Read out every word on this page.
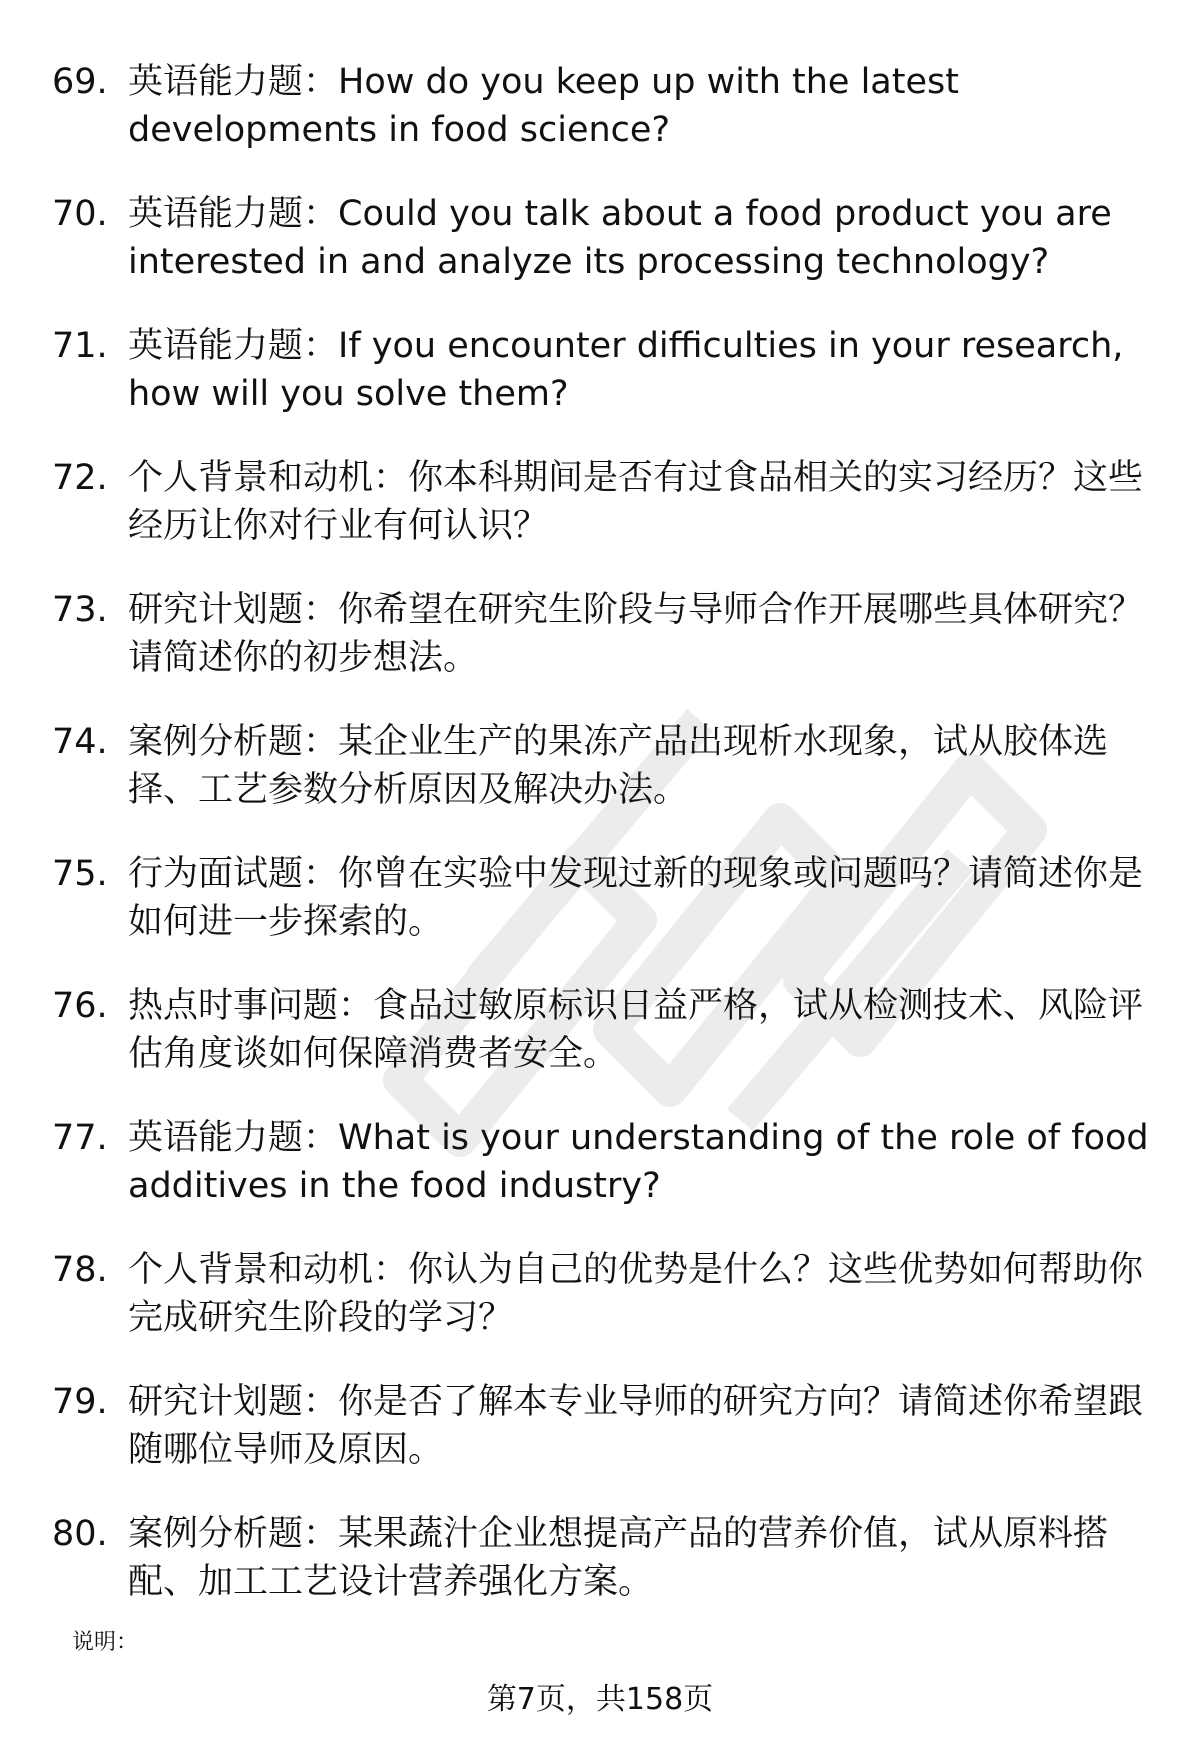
69. 英语能力题：How do you keep up with the latest developments in food science?
70. 英语能力题：Could you talk about a food product you are interested in and analyze its processing technology?
71. 英语能力题：If you encounter difficulties in your research, how will you solve them?
72. 个人背景和动机：你本科期间是否有过食品相关的实习经历？这些经历让你对行业有何认识？
73. 研究计划题：你希望在研究生阶段与导师合作开展哪些具体研究？请简述你的初步想法。
74. 案例分析题：某企业生产的果冻产品出现析水现象，试从胶体选择、工艺参数分析原因及解决办法。
75. 行为面试题：你曾在实验中发现过新的现象或问题吗？请简述你是如何进一步探索的。
76. 热点时事问题：食品过敏原标识日益严格，试从检测技术、风险评估角度谈如何保障消费者安全。
77. 英语能力题：What is your understanding of the role of food additives in the food industry?
78. 个人背景和动机：你认为自己的优势是什么？这些优势如何帮助你完成研究生阶段的学习？
79. 研究计划题：你是否了解本专业导师的研究方向？请简述你希望跟随哪位导师及原因。
80. 案例分析题：某果蔬汁企业想提高产品的营养价值，试从原料搭配、加工工艺设计营养强化方案。
说明：
第7页，共158页
